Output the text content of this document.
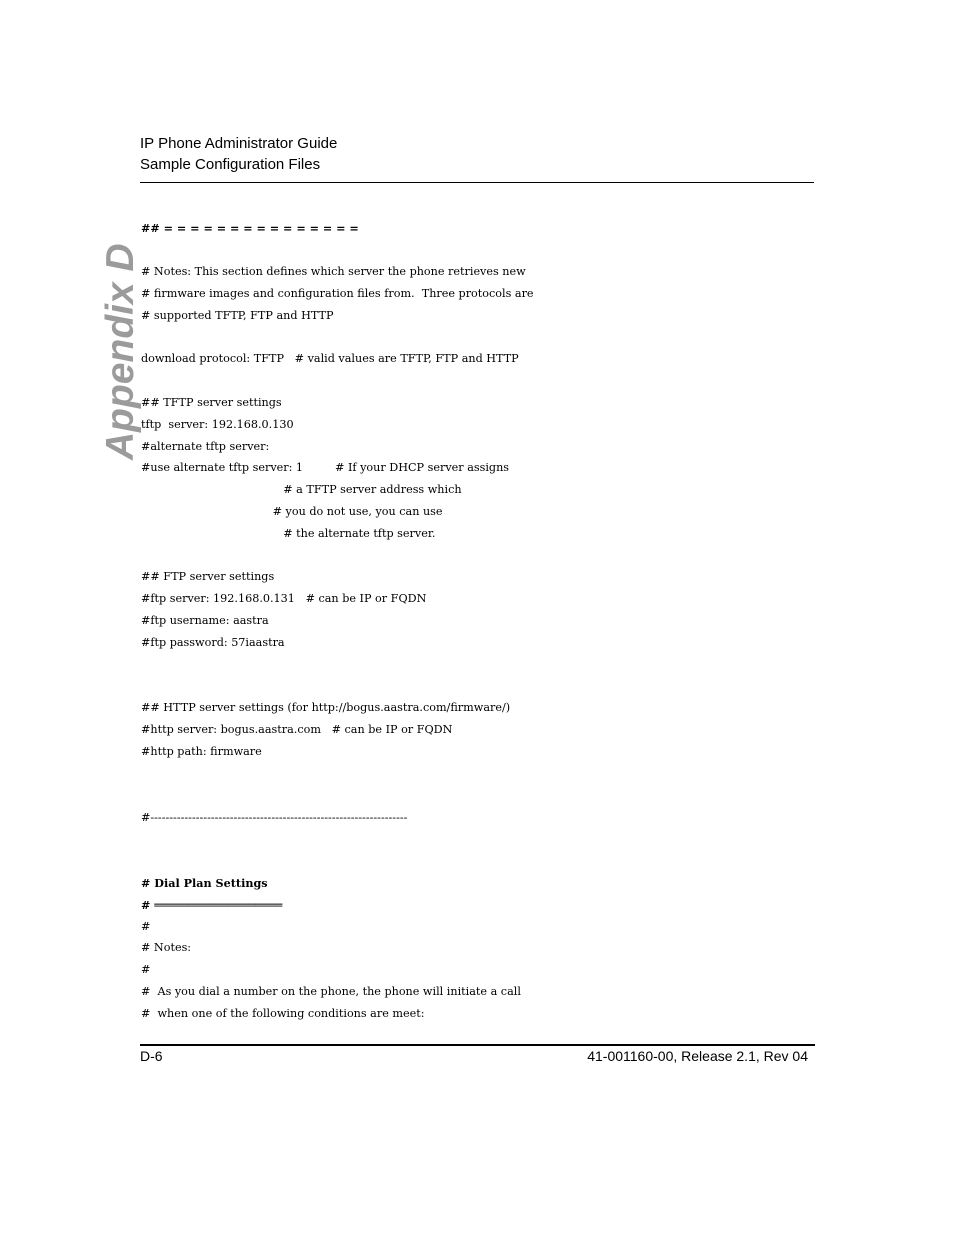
IP Phone Administrator Guide
Sample Configuration Files
Appendix D
## = = = = = = = = = = = = = = =
# Notes: This section defines which server the phone retrieves new
# firmware images and configuration files from.  Three protocols are
# supported TFTP, FTP and HTTP
download protocol: TFTP   # valid values are TFTP, FTP and HTTP
## TFTP server settings
tftp  server: 192.168.0.130
#alternate tftp server:
#use alternate tftp server: 1         # If your DHCP server assigns
# a TFTP server address which
# you do not use, you can use
# the alternate tftp server.
## FTP server settings
#ftp server: 192.168.0.131   # can be IP or FQDN
#ftp username: aastra
#ftp password: 57iaastra
## HTTP server settings (for http://bogus.aastra.com/firmware/)
#http server: bogus.aastra.com   # can be IP or FQDN
#http path: firmware
#--------------------------------------------------------------------
# Dial Plan Settings
# ═══════════════════
#
# Notes:
#
#  As you dial a number on the phone, the phone will initiate a call
#  when one of the following conditions are meet:
D-6	41-001160-00, Release 2.1, Rev 04
